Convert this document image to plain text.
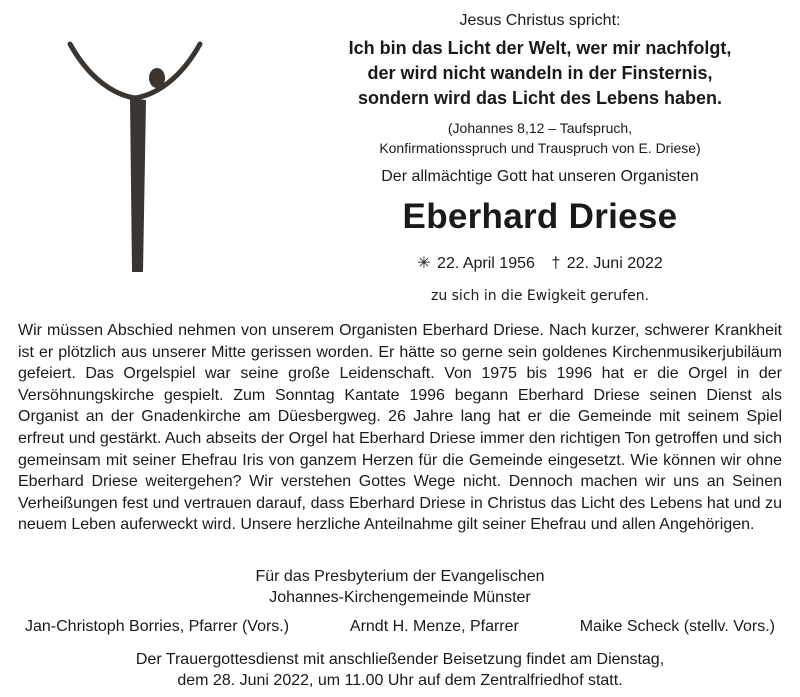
Jesus Christus spricht:
Ich bin das Licht der Welt, wer mir nachfolgt,
der wird nicht wandeln in der Finsternis,
sondern wird das Licht des Lebens haben.
(Johannes 8,12 – Taufspruch,
Konfirmationsspruch und Trauspruch von E. Driese)
Der allmächtige Gott hat unseren Organisten
Eberhard Driese
✳ 22. April 1956 † 22. Juni 2022
zu sich in die Ewigkeit gerufen.
Wir müssen Abschied nehmen von unserem Organisten Eberhard Driese. Nach kurzer, schwerer Krankheit ist er plötzlich aus unserer Mitte gerissen worden. Er hätte so gerne sein goldenes Kirchenmusikerjubiläum gefeiert. Das Orgelspiel war seine große Leidenschaft. Von 1975 bis 1996 hat er die Orgel in der Versöhnungskirche gespielt. Zum Sonntag Kantate 1996 begann Eberhard Driese seinen Dienst als Organist an der Gnadenkirche am Düesbergweg. 26 Jahre lang hat er die Gemeinde mit seinem Spiel erfreut und gestärkt. Auch abseits der Orgel hat Eberhard Driese immer den richtigen Ton getroffen und sich gemeinsam mit seiner Ehefrau Iris von ganzem Herzen für die Gemeinde eingesetzt. Wie können wir ohne Eberhard Driese weitergehen? Wir verstehen Gottes Wege nicht. Dennoch machen wir uns an Seinen Verheißungen fest und vertrauen darauf, dass Eberhard Driese in Christus das Licht des Lebens hat und zu neuem Leben auferweckt wird. Unsere herzliche Anteilnahme gilt seiner Ehefrau und allen Angehörigen.
Für das Presbyterium der Evangelischen
Johannes-Kirchengemeinde Münster
Jan-Christoph Borries, Pfarrer (Vors.)	Arndt H. Menze, Pfarrer	Maike Scheck (stellv. Vors.)
Der Trauergottesdienst mit anschließender Beisetzung findet am Dienstag,
dem 28. Juni 2022, um 11.00 Uhr auf dem Zentralfriedhof statt.
